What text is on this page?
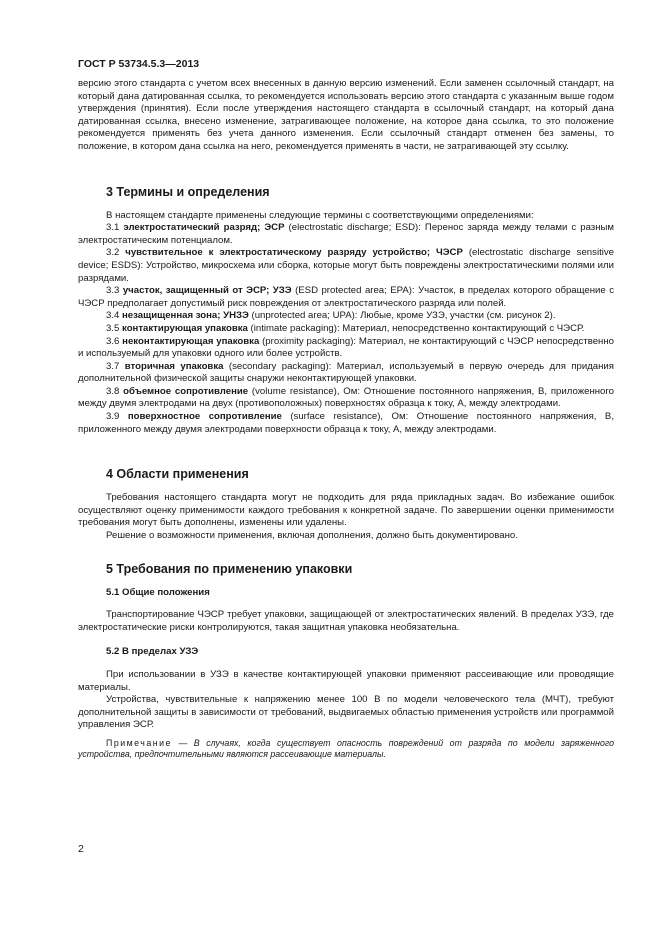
ГОСТ Р 53734.5.3—2013

версию этого стандарта с учетом всех внесенных в данную версию изменений. Если заменен ссылочный стандарт, на который дана датированная ссылка, то рекомендуется использовать версию этого стандарта с указанным выше годом утверждения (принятия). Если после утверждения настоящего стандарта в ссылочный стандарт, на который дана датированная ссылка, внесено изменение, затрагивающее положение, на которое дана ссылка, то это положение рекомендуется применять без учета данного изменения. Если ссылочный стандарт отменен без замены, то положение, в котором дана ссылка на него, рекомендуется применять в части, не затрагивающей эту ссылку.

3 Термины и определения

В настоящем стандарте применены следующие термины с соответствующими определениями:

3.1 электростатический разряд; ЭСР (electrostatic discharge; ESD): Перенос заряда между телами с разным электростатическим потенциалом.

3.2 чувствительное к электростатическому разряду устройство; ЧЭСР (electrostatic discharge sensitive device; ESDS): Устройство, микросхема или сборка, которые могут быть повреждены электростатическими полями или разрядами.

3.3 участок, защищенный от ЭСР; УЗЭ (ESD protected area; EPA): Участок, в пределах которого обращение с ЧЭСР предполагает допустимый риск повреждения от электростатического разряда или полей.

3.4 незащищенная зона; УНЗЭ (unprotected area; UPA): Любые, кроме УЗЭ, участки (см. рисунок 2).

3.5 контактирующая упаковка (intimate packaging): Материал, непосредственно контактирующий с ЧЭСР.

3.6 неконтактирующая упаковка (proximity packaging): Материал, не контактирующий с ЧЭСР непосредственно и используемый для упаковки одного или более устройств.

3.7 вторичная упаковка (secondary packaging): Материал, используемый в первую очередь для придания дополнительной физической защиты снаружи неконтактирующей упаковки.

3.8 объемное сопротивление (volume resistance), Ом: Отношение постоянного напряжения, В, приложенного между двумя электродами на двух (противоположных) поверхностях образца к току, А, между электродами.

3.9 поверхностное сопротивление (surface resistance), Ом: Отношение постоянного напряжения, В, приложенного между двумя электродами поверхности образца к току, А, между электродами.

4 Области применения

Требования настоящего стандарта могут не подходить для ряда прикладных задач. Во избежание ошибок осуществляют оценку применимости каждого требования к конкретной задаче. По завершении оценки применимости требования могут быть дополнены, изменены или удалены.

Решение о возможности применения, включая дополнения, должно быть документировано.

5 Требования по применению упаковки
5.1 Общие положения

Транспортирование ЧЭСР требует упаковки, защищающей от электростатических явлений. В пределах УЗЭ, где электростатические риски контролируются, такая защитная упаковка необязательна.

5.2 В пределах УЗЭ

При использовании в УЗЭ в качестве контактирующей упаковки применяют рассеивающие или проводящие материалы.

Устройства, чувствительные к напряжению менее 100 В по модели человеческого тела (МЧТ), требуют дополнительной защиты в зависимости от требований, выдвигаемых областью применения устройств или программой управления ЭСР.

Примечание — В случаях, когда существует опасность повреждений от разряда по модели заряженного устройства, предпочтительными являются рассеивающие материалы.

2
